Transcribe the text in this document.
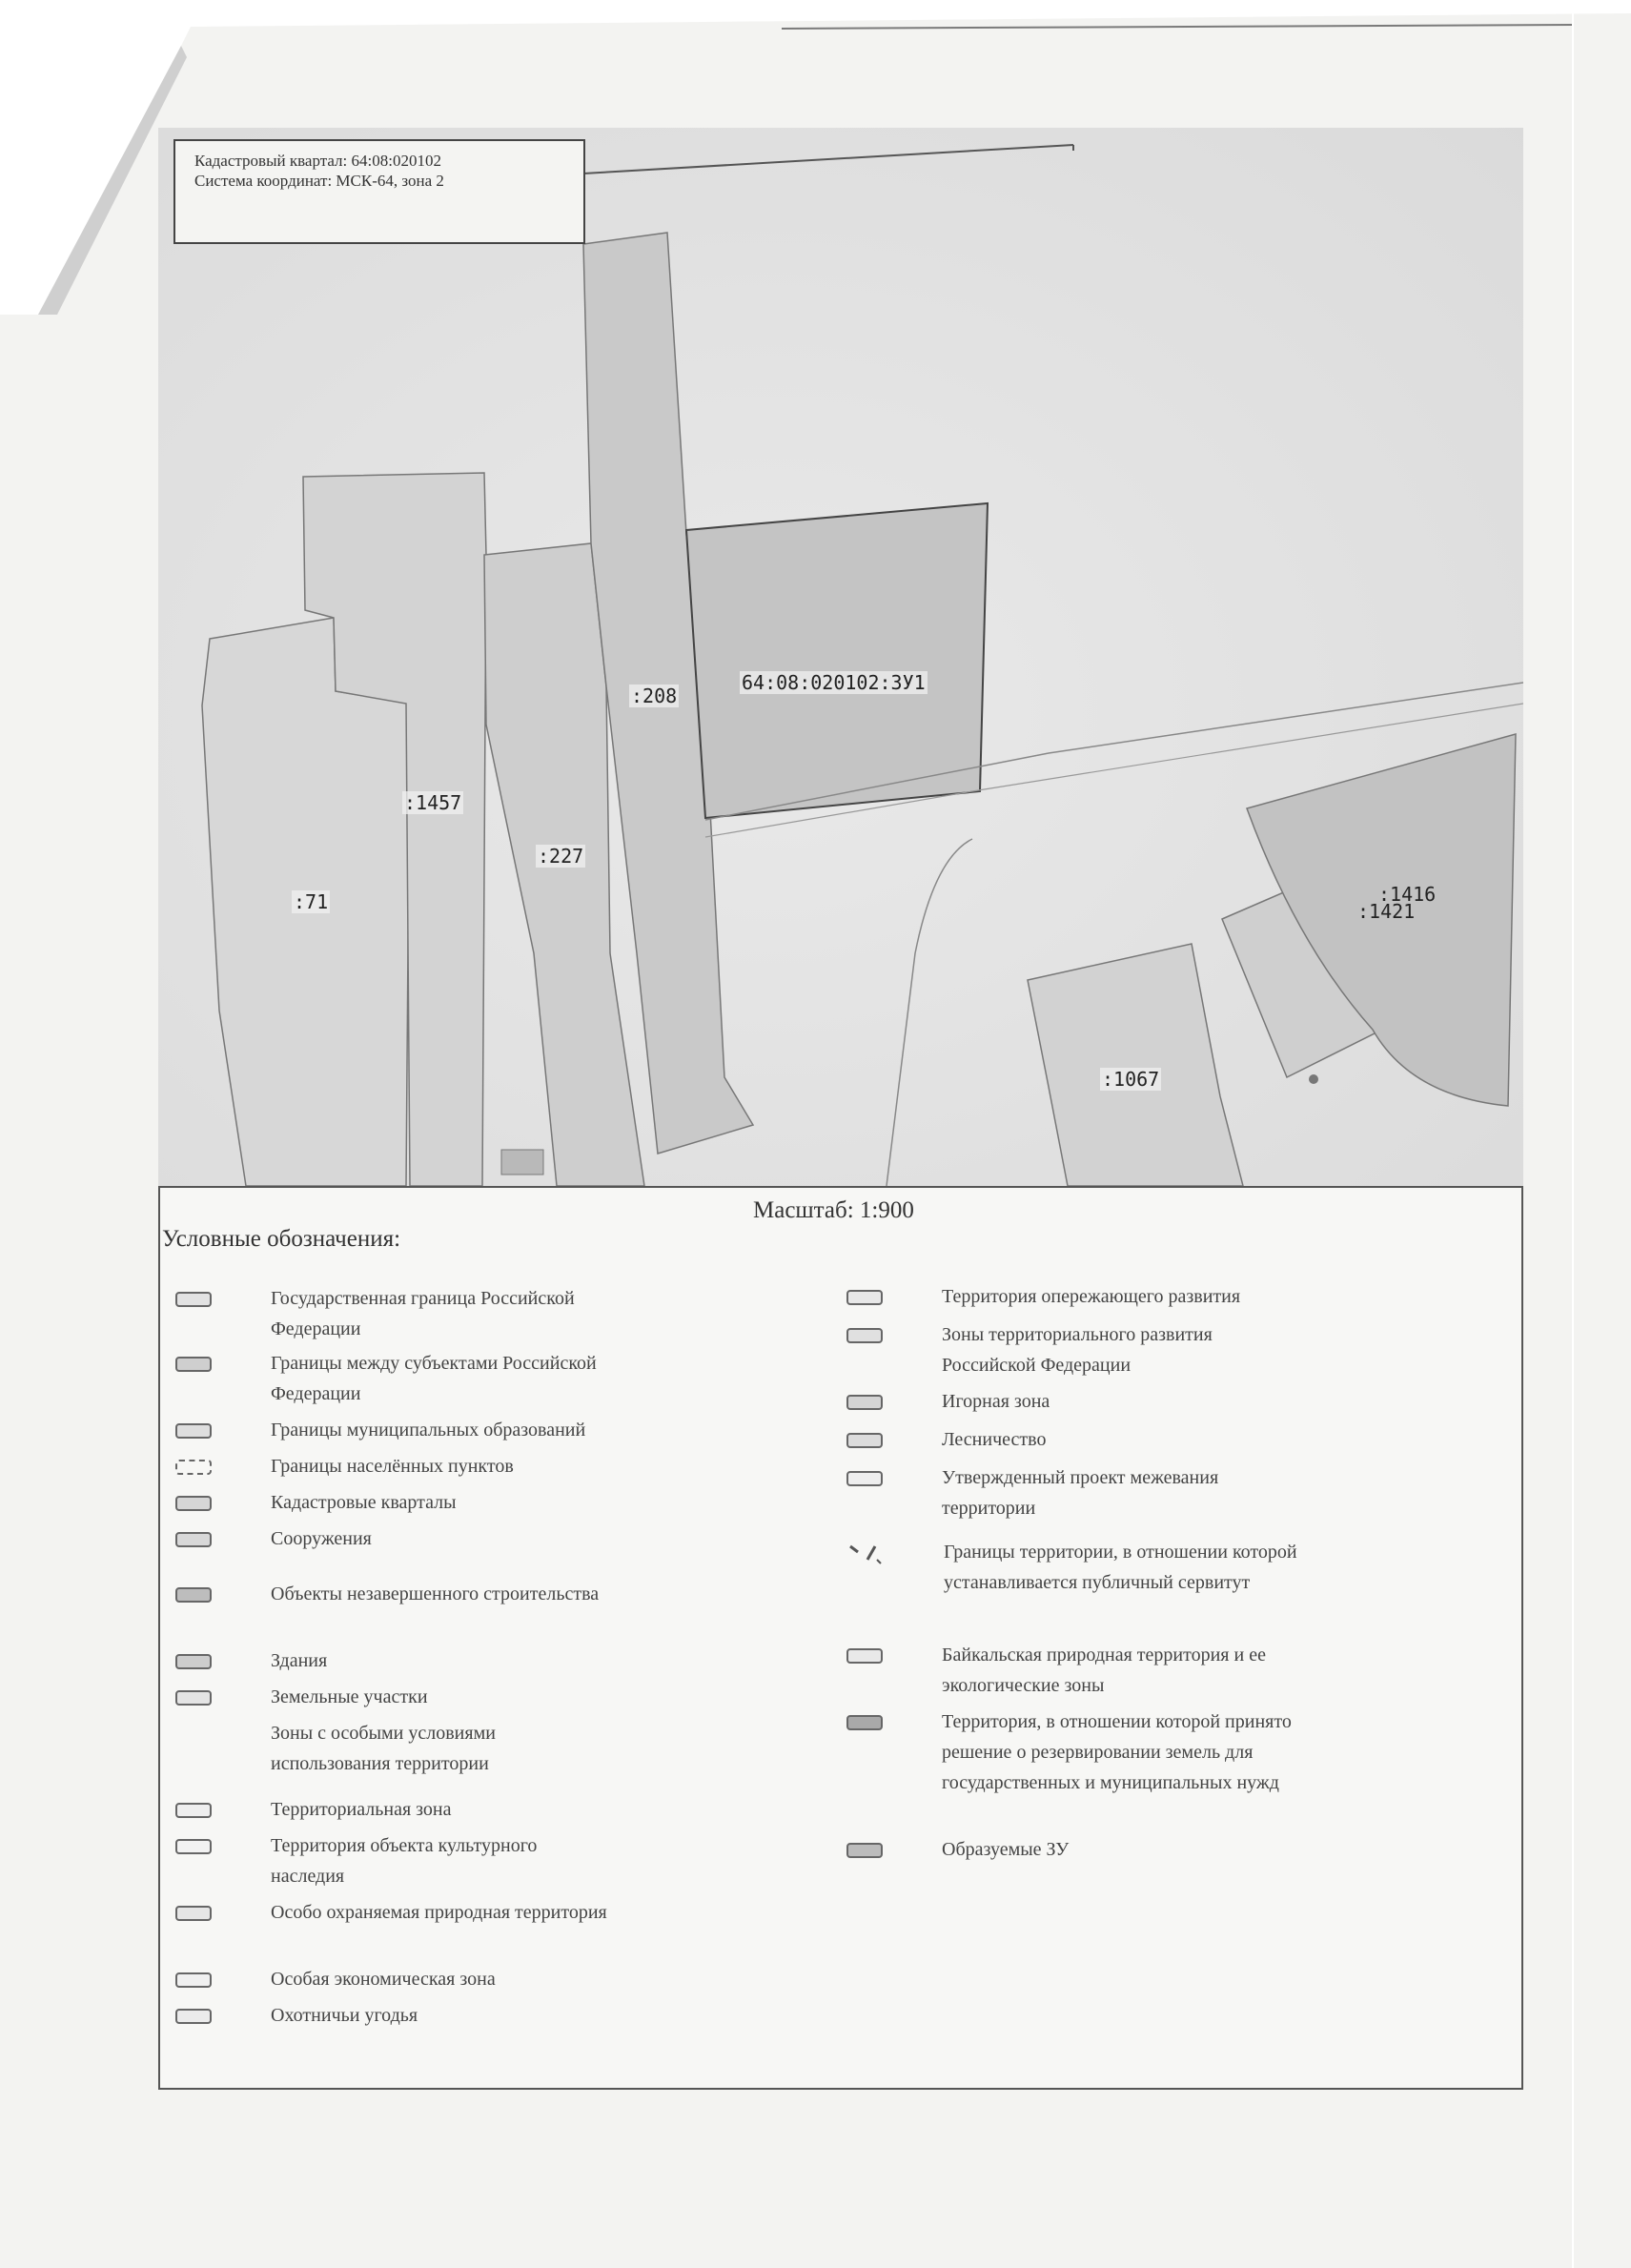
:208
64:08:020102:ЗУ1
:1457
:227
:71	:1416
:1421
:1067
Кадастровый квартал: 64:08:020102
Система координат: МСК-64, зона 2
Масштаб: 1:900
Условные обозначения:
Государственная граница Российской Федерации
Границы между субъектами Российской Федерации
Границы муниципальных образований
Границы населённых пунктов
Кадастровые кварталы
Сооружения
Объекты незавершенного строительства
Здания
Земельные участки
Зоны с особыми условиями использования территории
Территориальная зона
Территория объекта культурного наследия
Особо охраняемая природная территория
Особая экономическая зона
Охотничьи угодья
Территория опережающего развития
Зоны территориального развития Российской Федерации
Игорная зона
Лесничество
Утвержденный проект межевания территории
Границы территории, в отношении которой устанавливается публичный сервитут
Байкальская природная территория и ее экологические зоны
Территория, в отношении которой принято решение о резервировании земель для государственных и муниципальных нужд
Образуемые ЗУ
